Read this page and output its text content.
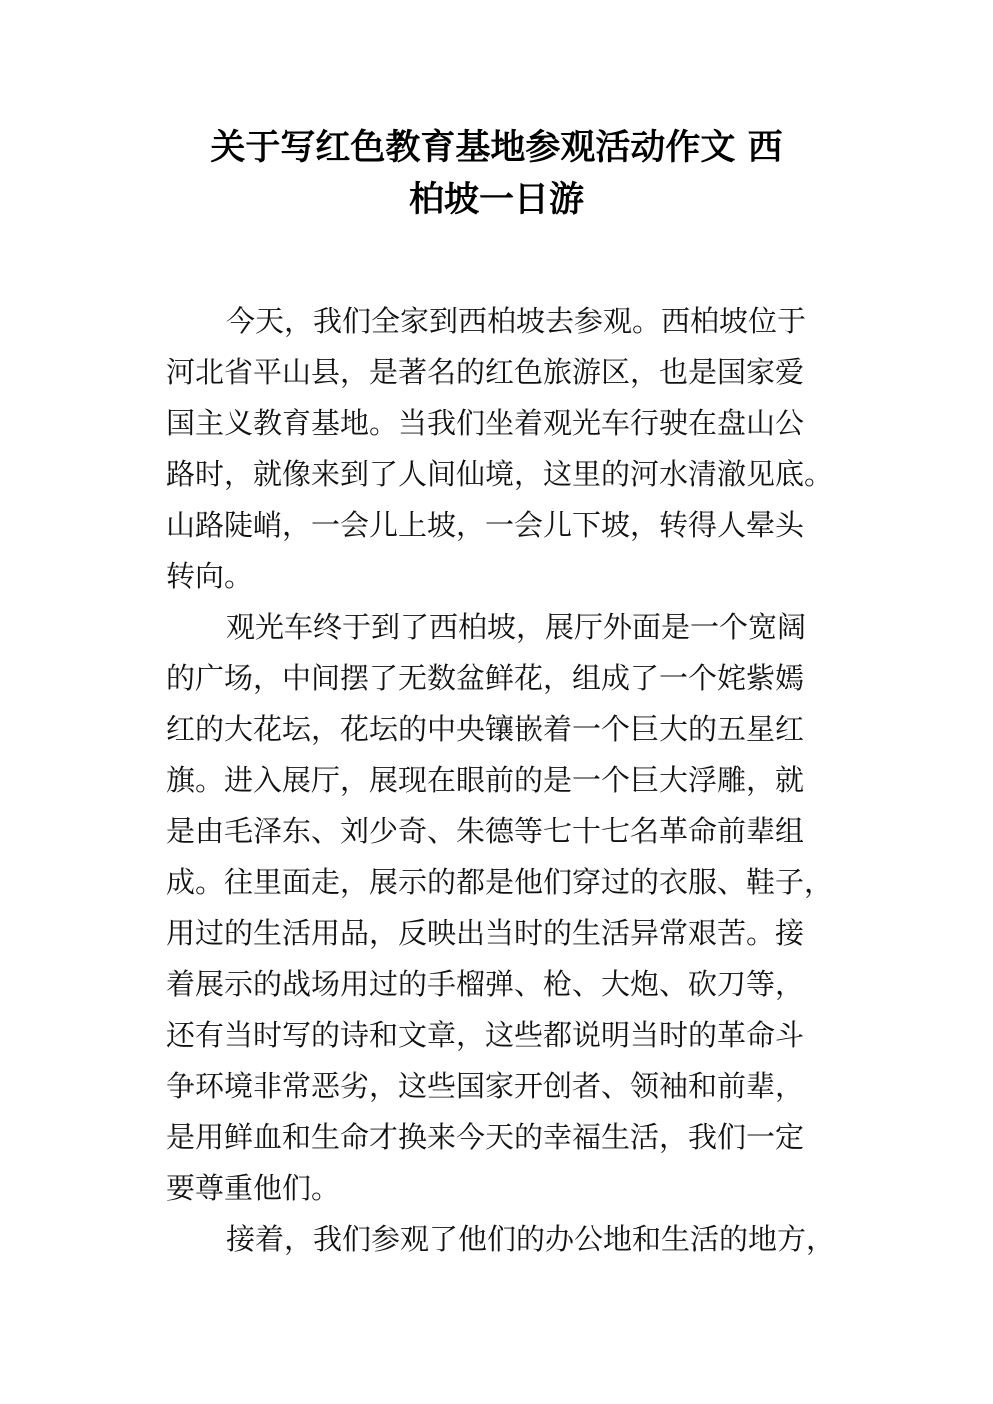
关于写红色教育基地参观活动作文 西
柏坡一日游
今天，我们全家到西柏坡去参观。西柏坡位于
河北省平山县，是著名的红色旅游区，也是国家爱
国主义教育基地。当我们坐着观光车行驶在盘山公
路时，就像来到了人间仙境，这里的河水清澈见底。
山路陡峭，一会儿上坡，一会儿下坡，转得人晕头
转向。
观光车终于到了西柏坡，展厅外面是一个宽阔
的广场，中间摆了无数盆鲜花，组成了一个姹紫嫣
红的大花坛，花坛的中央镶嵌着一个巨大的五星红
旗。进入展厅，展现在眼前的是一个巨大浮雕，就
是由毛泽东、刘少奇、朱德等七十七名革命前辈组
成。往里面走，展示的都是他们穿过的衣服、鞋子，
用过的生活用品，反映出当时的生活异常艰苦。接
着展示的战场用过的手榴弹、枪、大炮、砍刀等，
还有当时写的诗和文章，这些都说明当时的革命斗
争环境非常恶劣，这些国家开创者、领袖和前辈，
是用鲜血和生命才换来今天的幸福生活，我们一定
要尊重他们。
接着，我们参观了他们的办公地和生活的地方，
